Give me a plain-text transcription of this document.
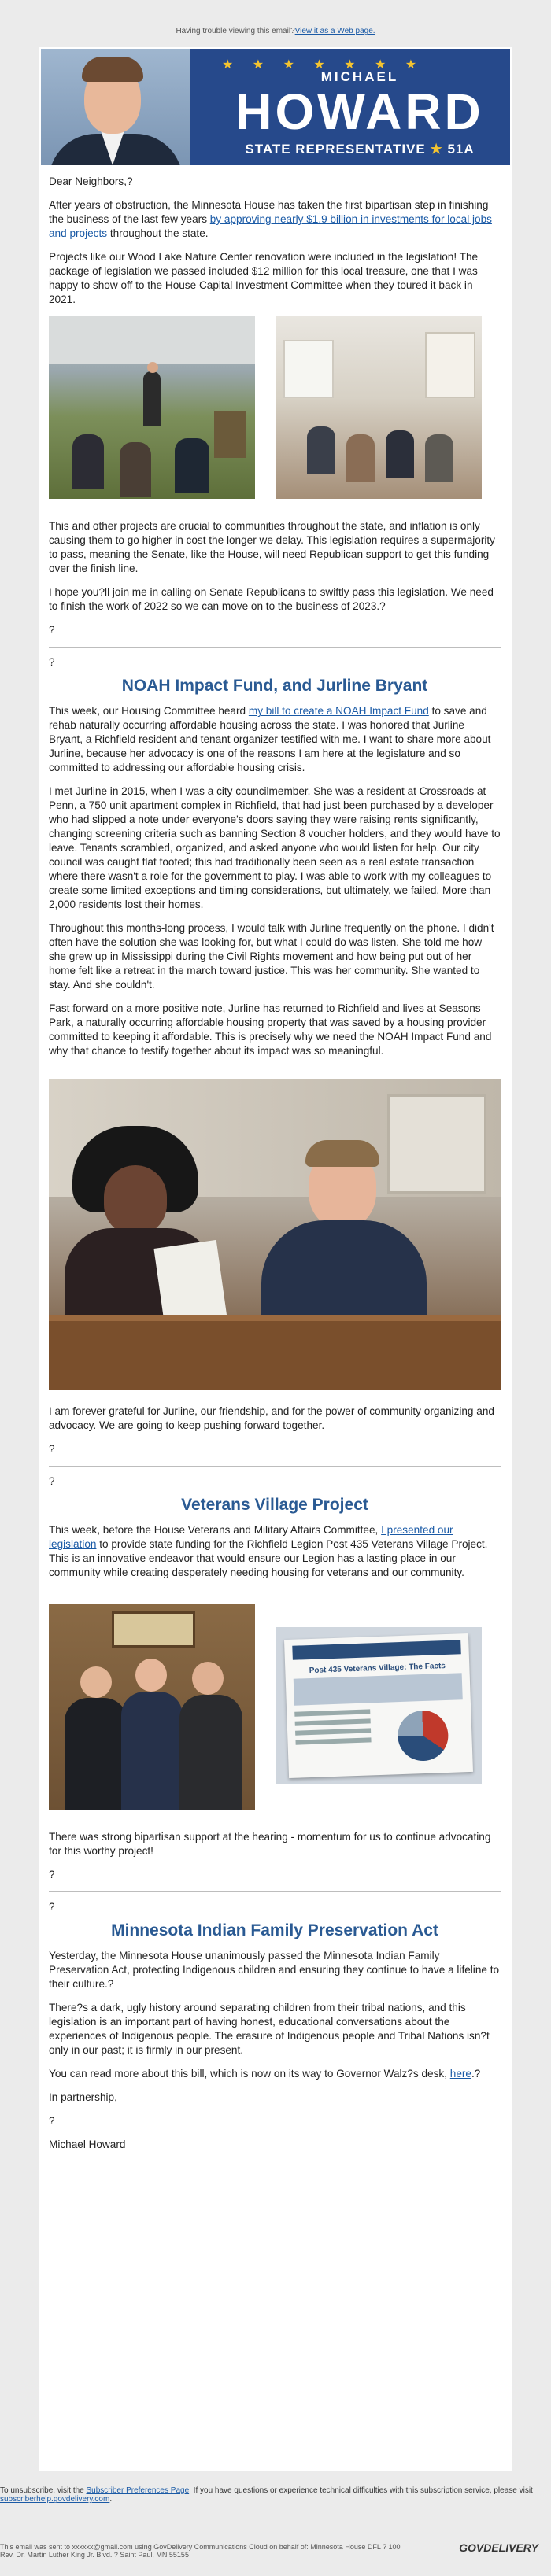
Having trouble viewing this email?View it as a Web page.
★ ★ ★ ★ ★ ★ ★
MICHAEL
HOWARD
STATE REPRESENTATIVE ★ 51A

Dear Neighbors,?

After years of obstruction, the Minnesota House has taken the first bipartisan step in finishing the business of the last few years by approving nearly $1.9 billion in investments for local jobs and projects throughout the state.

Projects like our Wood Lake Nature Center renovation were included in the legislation! The package of legislation we passed included $12 million for this local treasure, one that I was happy to show off to the House Capital Investment Committee when they toured it back in 2021.

This and other projects are crucial to communities throughout the state, and inflation is only causing them to go higher in cost the longer we delay. This legislation requires a supermajority to pass, meaning the Senate, like the House, will need Republican support to get this funding over the finish line.

I hope you?ll join me in calling on Senate Republicans to swiftly pass this legislation. We need to finish the work of 2022 so we can move on to the business of 2023.?

?

?

NOAH Impact Fund, and Jurline Bryant

This week, our Housing Committee heard my bill to create a NOAH Impact Fund to save and rehab naturally occurring affordable housing across the state. I was honored that Jurline Bryant, a Richfield resident and tenant organizer testified with me. I want to share more about Jurline, because her advocacy is one of the reasons I am here at the legislature and so committed to addressing our affordable housing crisis.

I met Jurline in 2015, when I was a city councilmember. She was a resident at Crossroads at Penn, a 750 unit apartment complex in Richfield, that had just been purchased by a developer who had slipped a note under everyone's doors saying they were raising rents significantly, changing screening criteria such as banning Section 8 voucher holders, and they would have to leave. Tenants scrambled, organized, and asked anyone who would listen for help. Our city council was caught flat footed; this had traditionally been seen as a real estate transaction where there wasn't a role for the government to play. I was able to work with my colleagues to create some limited exceptions and timing considerations, but ultimately, we failed. More than 2,000 residents lost their homes.

Throughout this months-long process, I would talk with Jurline frequently on the phone. I didn't often have the solution she was looking for, but what I could do was listen. She told me how she grew up in Mississippi during the Civil Rights movement and how being put out of her home felt like a retreat in the march toward justice. This was her community. She wanted to stay. And she couldn't.

Fast forward on a more positive note, Jurline has returned to Richfield and lives at Seasons Park, a naturally occurring affordable housing property that was saved by a housing provider committed to keeping it affordable. This is precisely why we need the NOAH Impact Fund and why that chance to testify together about its impact was so meaningful.

I am forever grateful for Jurline, our friendship, and for the power of community organizing and advocacy. We are going to keep pushing forward together.

?

?

Veterans Village Project

This week, before the House Veterans and Military Affairs Committee, I presented our legislation to provide state funding for the Richfield Legion Post 435 Veterans Village Project. This is an innovative endeavor that would ensure our Legion has a lasting place in our community while creating desperately needing housing for veterans and our community.

Post 435 Veterans Village: The Facts

There was strong bipartisan support at the hearing - momentum for us to continue advocating for this worthy project!

?

?

Minnesota Indian Family Preservation Act

Yesterday, the Minnesota House unanimously passed the Minnesota Indian Family Preservation Act, protecting Indigenous children and ensuring they continue to have a lifeline to their culture.?

There?s a dark, ugly history around separating children from their tribal nations, and this legislation is an important part of having honest, educational conversations about the experiences of Indigenous people. The erasure of Indigenous people and Tribal Nations isn?t only in our past; it is firmly in our present.

You can read more about this bill, which is now on its way to Governor Walz?s desk, here.?

In partnership,

?

Michael Howard

To unsubscribe, visit the Subscriber Preferences Page. If you have questions or experience technical difficulties with this subscription service, please visit subscriberhelp.govdelivery.com.
This email was sent to xxxxxx@gmail.com using GovDelivery Communications Cloud on behalf of: Minnesota House DFL ? 100
Rev. Dr. Martin Luther King Jr. Blvd. ? Saint Paul, MN 55155
GOVDELIVERY
